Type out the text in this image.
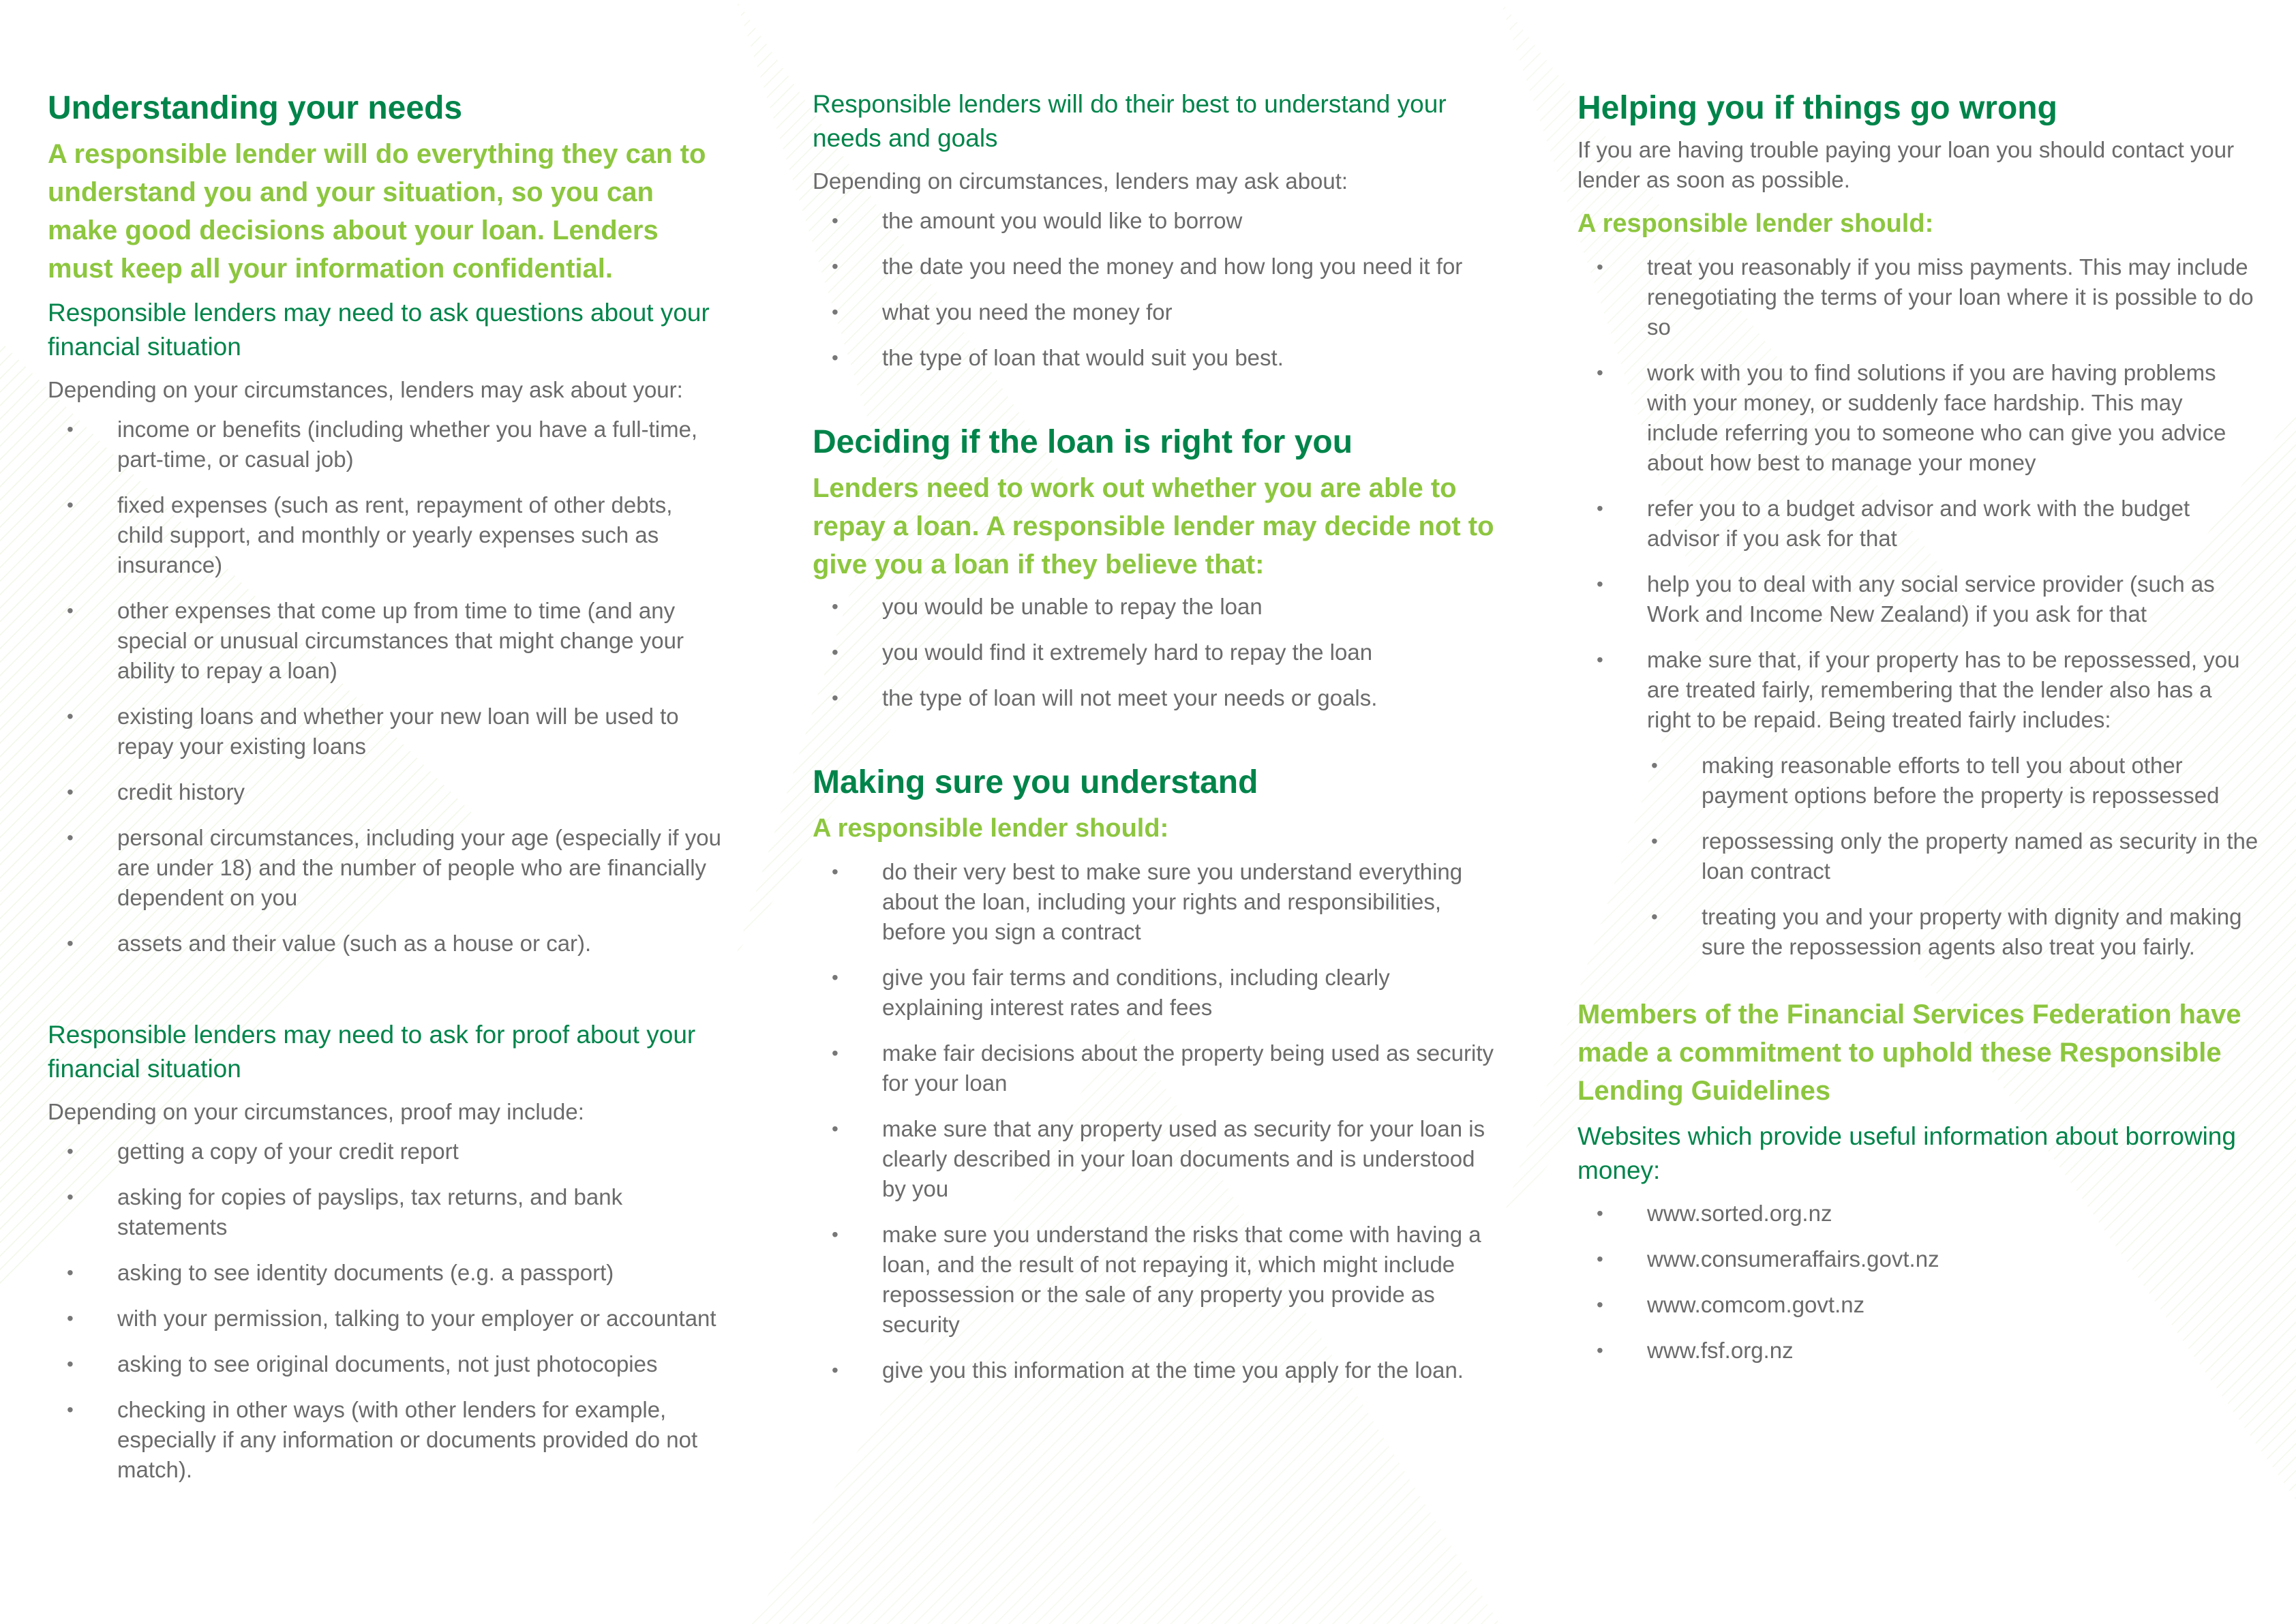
Understanding your needs
A responsible lender will do everything they can to understand you and your situation, so you can make good decisions about your loan. Lenders must keep all your information confidential.
Responsible lenders may need to ask questions about your financial situation
Depending on your circumstances, lenders may ask about your:
• income or benefits (including whether you have a full-time, part-time, or casual job)
• fixed expenses (such as rent, repayment of other debts, child support, and monthly or yearly expenses such as insurance)
• other expenses that come up from time to time (and any special or unusual circumstances that might change your ability to repay a loan)
• existing loans and whether your new loan will be used to repay your existing loans
• credit history
• personal circumstances, including your age (especially if you are under 18) and the number of people who are financially dependent on you
• assets and their value (such as a house or car).
Responsible lenders may need to ask for proof about your financial situation
Depending on your circumstances, proof may include:
• getting a copy of your credit report
• asking for copies of payslips, tax returns, and bank statements
• asking to see identity documents (e.g. a passport)
• with your permission, talking to your employer or accountant
• asking to see original documents, not just photocopies
• checking in other ways (with other lenders for example, especially if any information or documents provided do not match).
Responsible lenders will do their best to understand your needs and goals
Depending on circumstances, lenders may ask about:
• the amount you would like to borrow
• the date you need the money and how long you need it for
• what you need the money for
• the type of loan that would suit you best.
Deciding if the loan is right for you
Lenders need to work out whether you are able to repay a loan. A responsible lender may decide not to give you a loan if they believe that:
• you would be unable to repay the loan
• you would find it extremely hard to repay the loan
• the type of loan will not meet your needs or goals.
Making sure you understand
A responsible lender should:
• do their very best to make sure you understand everything about the loan, including your rights and responsibilities, before you sign a contract
• give you fair terms and conditions, including clearly explaining interest rates and fees
• make fair decisions about the property being used as security for your loan
• make sure that any property used as security for your loan is clearly described in your loan documents and is understood by you
• make sure you understand the risks that come with having a loan, and the result of not repaying it, which might include repossession or the sale of any property you provide as security
• give you this information at the time you apply for the loan.
Helping you if things go wrong
If you are having trouble paying your loan you should contact your lender as soon as possible.
A responsible lender should:
• treat you reasonably if you miss payments. This may include renegotiating the terms of your loan where it is possible to do so
• work with you to find solutions if you are having problems with your money, or suddenly face hardship. This may include referring you to someone who can give you advice about how best to manage your money
• refer you to a budget advisor and work with the budget advisor if you ask for that
• help you to deal with any social service provider (such as Work and Income New Zealand) if you ask for that
• make sure that, if your property has to be repossessed, you are treated fairly, remembering that the lender also has a right to be repaid. Being treated fairly includes:
• making reasonable efforts to tell you about other payment options before the property is repossessed
• repossessing only the property named as security in the loan contract
• treating you and your property with dignity and making sure the repossession agents also treat you fairly.
Members of the Financial Services Federation have made a commitment to uphold these Responsible Lending Guidelines
Websites which provide useful information about borrowing money:
• www.sorted.org.nz
• www.consumeraffairs.govt.nz
• www.comcom.govt.nz
• www.fsf.org.nz
